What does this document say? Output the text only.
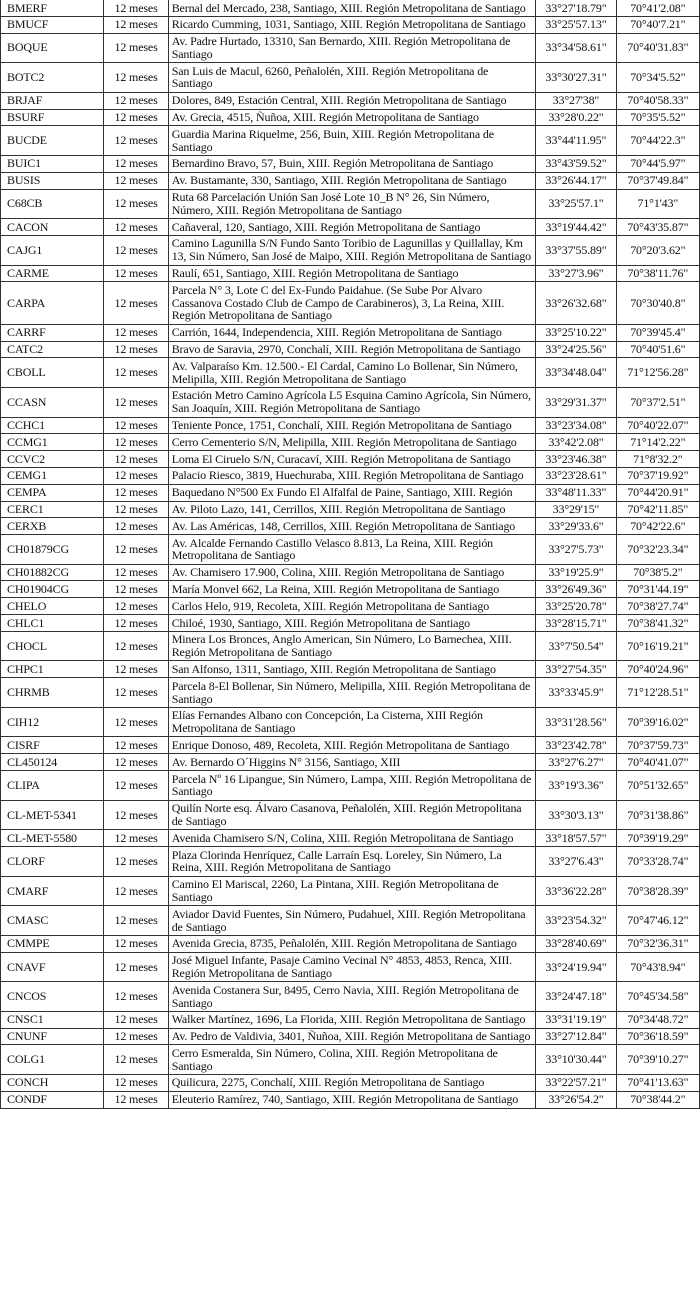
BMERF	12 meses	Bernal del Mercado, 238, Santiago, XIII. Región Metropolitana de Santiago	33°27'18.79"	70°41'2.08"
BMUCF	12 meses	Ricardo Cumming, 1031, Santiago, XIII. Región Metropolitana de Santiago	33°25'57.13"	70°40'7.21"
BOQUE	12 meses	Av. Padre Hurtado, 13310, San Bernardo, XIII. Región Metropolitana de Santiago	33°34'58.61"	70°40'31.83"
BOTC2	12 meses	San Luis de Macul, 6260, Peñalolén, XIII. Región Metropolitana de Santiago	33°30'27.31"	70°34'5.52"
BRJAF	12 meses	Dolores, 849, Estación Central, XIII. Región Metropolitana de Santiago	33°27'38"	70°40'58.33"
BSURF	12 meses	Av. Grecia, 4515, Ñuñoa, XIII. Región Metropolitana de Santiago	33°28'0.22"	70°35'5.52"
BUCDE	12 meses	Guardia Marina Riquelme, 256, Buin, XIII. Región Metropolitana de Santiago	33°44'11.95"	70°44'22.3"
BUIC1	12 meses	Bernardino Bravo, 57, Buin, XIII. Región Metropolitana de Santiago	33°43'59.52"	70°44'5.97"
BUSIS	12 meses	Av. Bustamante, 330, Santiago, XIII. Región Metropolitana de Santiago	33°26'44.17"	70°37'49.84"
C68CB	12 meses	Ruta 68 Parcelación Unión San José Lote 10_B N° 26, Sin Número, Número, XIII. Región Metropolitana de Santiago	33°25'57.1"	71°1'43"
CACON	12 meses	Cañaveral, 120, Santiago, XIII. Región Metropolitana de Santiago	33°19'44.42"	70°43'35.87"
CAJG1	12 meses	Camino Lagunilla S/N Fundo Santo Toribio de Lagunillas y Quillallay, Km 13, Sin Número, San José de Maipo, XIII. Región Metropolitana de Santiago	33°37'55.89"	70°20'3.62"
CARME	12 meses	Raulí, 651, Santiago, XIII. Región Metropolitana de Santiago	33°27'3.96"	70°38'11.76"
CARPA	12 meses	Parcela N° 3, Lote C del Ex-Fundo Paidahue. (Se Sube Por Alvaro Cassanova Costado Club de Campo de Carabineros), 3, La Reina, XIII. Región Metropolitana de Santiago	33°26'32.68"	70°30'40.8"
CARRF	12 meses	Carrión, 1644, Independencia, XIII. Región Metropolitana de Santiago	33°25'10.22"	70°39'45.4"
CATC2	12 meses	Bravo de Saravia, 2970, Conchalí, XIII. Región Metropolitana de Santiago	33°24'25.56"	70°40'51.6"
CBOLL	12 meses	Av. Valparaíso Km. 12.500.- El Cardal, Camino Lo Bollenar, Sin Número, Melipilla, XIII. Región Metropolitana de Santiago	33°34'48.04"	71°12'56.28"
CCASN	12 meses	Estación Metro Camino Agrícola L5 Esquina Camino Agrícola, Sin Número, San Joaquín, XIII. Región Metropolitana de Santiago	33°29'31.37"	70°37'2.51"
CCHC1	12 meses	Teniente Ponce, 1751, Conchalí, XIII. Región Metropolitana de Santiago	33°23'34.08"	70°40'22.07"
CCMG1	12 meses	Cerro Cementerio S/N, Melipilla, XIII. Región Metropolitana de Santiago	33°42'2.08"	71°14'2.22"
CCVC2	12 meses	Loma El Ciruelo S/N, Curacaví, XIII. Región Metropolitana de Santiago	33°23'46.38"	71°8'32.2"
CEMG1	12 meses	Palacio Riesco, 3819, Huechuraba, XIII. Región Metropolitana de Santiago	33°23'28.61"	70°37'19.92"
CEMPA	12 meses	Baquedano N°500 Ex Fundo El Alfalfal de Paine, Santiago, XIII. Región	33°48'11.33"	70°44'20.91"
CERC1	12 meses	Av. Piloto Lazo, 141, Cerrillos, XIII. Región Metropolitana de Santiago	33°29'15"	70°42'11.85"
CERXB	12 meses	Av. Las Américas, 148, Cerrillos, XIII. Región Metropolitana de Santiago	33°29'33.6"	70°42'22.6"
CH01879CG	12 meses	Av. Alcalde Fernando Castillo Velasco 8.813, La Reina, XIII. Región Metropolitana de Santiago	33°27'5.73"	70°32'23.34"
CH01882CG	12 meses	Av. Chamisero 17.900, Colina, XIII. Región Metropolitana de Santiago	33°19'25.9"	70°38'5.2"
CH01904CG	12 meses	María Monvel 662, La Reina, XIII. Región Metropolitana de Santiago	33°26'49.36"	70°31'44.19"
CHELO	12 meses	Carlos Helo, 919, Recoleta, XIII. Región Metropolitana de Santiago	33°25'20.78"	70°38'27.74"
CHLC1	12 meses	Chiloé, 1930, Santiago, XIII. Región Metropolitana de Santiago	33°28'15.71"	70°38'41.32"
CHOCL	12 meses	Minera Los Bronces, Anglo American, Sin Número, Lo Barnechea, XIII. Región Metropolitana de Santiago	33°7'50.54"	70°16'19.21"
CHPC1	12 meses	San Alfonso, 1311, Santiago, XIII. Región Metropolitana de Santiago	33°27'54.35"	70°40'24.96"
CHRMB	12 meses	Parcela 8-El Bollenar, Sin Número, Melipilla, XIII. Región Metropolitana de Santiago	33°33'45.9"	71°12'28.51"
CIH12	12 meses	Elías Fernandes Albano con Concepción, La Cisterna, XIII Región Metropolitana de Santiago	33°31'28.56"	70°39'16.02"
CISRF	12 meses	Enrique Donoso, 489, Recoleta, XIII. Región Metropolitana de Santiago	33°23'42.78"	70°37'59.73"
CL450124	12 meses	Av. Bernardo O´Higgins N° 3156, Santiago, XIII	33°27'6.27"	70°40'41.07"
CLIPA	12 meses	Parcela Nº 16 Lipangue, Sin Número, Lampa, XIII. Región Metropolitana de Santiago	33°19'3.36"	70°51'32.65"
CL-MET-5341	12 meses	Quilín Norte esq. Álvaro Casanova, Peñalolén, XIII. Región Metropolitana de Santiago	33°30'3.13"	70°31'38.86"
CL-MET-5580	12 meses	Avenida Chamisero S/N, Colina, XIII. Región Metropolitana de Santiago	33°18'57.57"	70°39'19.29"
CLORF	12 meses	Plaza Clorinda Henríquez, Calle Larraín Esq. Loreley, Sin Número, La Reina, XIII. Región Metropolitana de Santiago	33°27'6.43"	70°33'28.74"
CMARF	12 meses	Camino El Mariscal, 2260, La Pintana, XIII. Región Metropolitana de Santiago	33°36'22.28"	70°38'28.39"
CMASC	12 meses	Aviador David Fuentes, Sin Número, Pudahuel, XIII. Región Metropolitana de Santiago	33°23'54.32"	70°47'46.12"
CMMPE	12 meses	Avenida Grecia, 8735, Peñalolén, XIII. Región Metropolitana de Santiago	33°28'40.69"	70°32'36.31"
CNAVF	12 meses	José Miguel Infante, Pasaje Camino Vecinal N° 4853, 4853, Renca, XIII. Región Metropolitana de Santiago	33°24'19.94"	70°43'8.94"
CNCOS	12 meses	Avenida Costanera Sur, 8495, Cerro Navia, XIII. Región Metropolitana de Santiago	33°24'47.18"	70°45'34.58"
CNSC1	12 meses	Walker Martínez, 1696, La Florida, XIII. Región Metropolitana de Santiago	33°31'19.19"	70°34'48.72"
CNUNF	12 meses	Av. Pedro de Valdivia, 3401, Ñuñoa, XIII. Región Metropolitana de Santiago	33°27'12.84"	70°36'18.59"
COLG1	12 meses	Cerro Esmeralda, Sin Número, Colina, XIII. Región Metropolitana de Santiago	33°10'30.44"	70°39'10.27"
CONCH	12 meses	Quilicura, 2275, Conchalí, XIII. Región Metropolitana de Santiago	33°22'57.21"	70°41'13.63"
CONDF	12 meses	Eleuterio Ramírez, 740, Santiago, XIII. Región Metropolitana de Santiago	33°26'54.2"	70°38'44.2"
